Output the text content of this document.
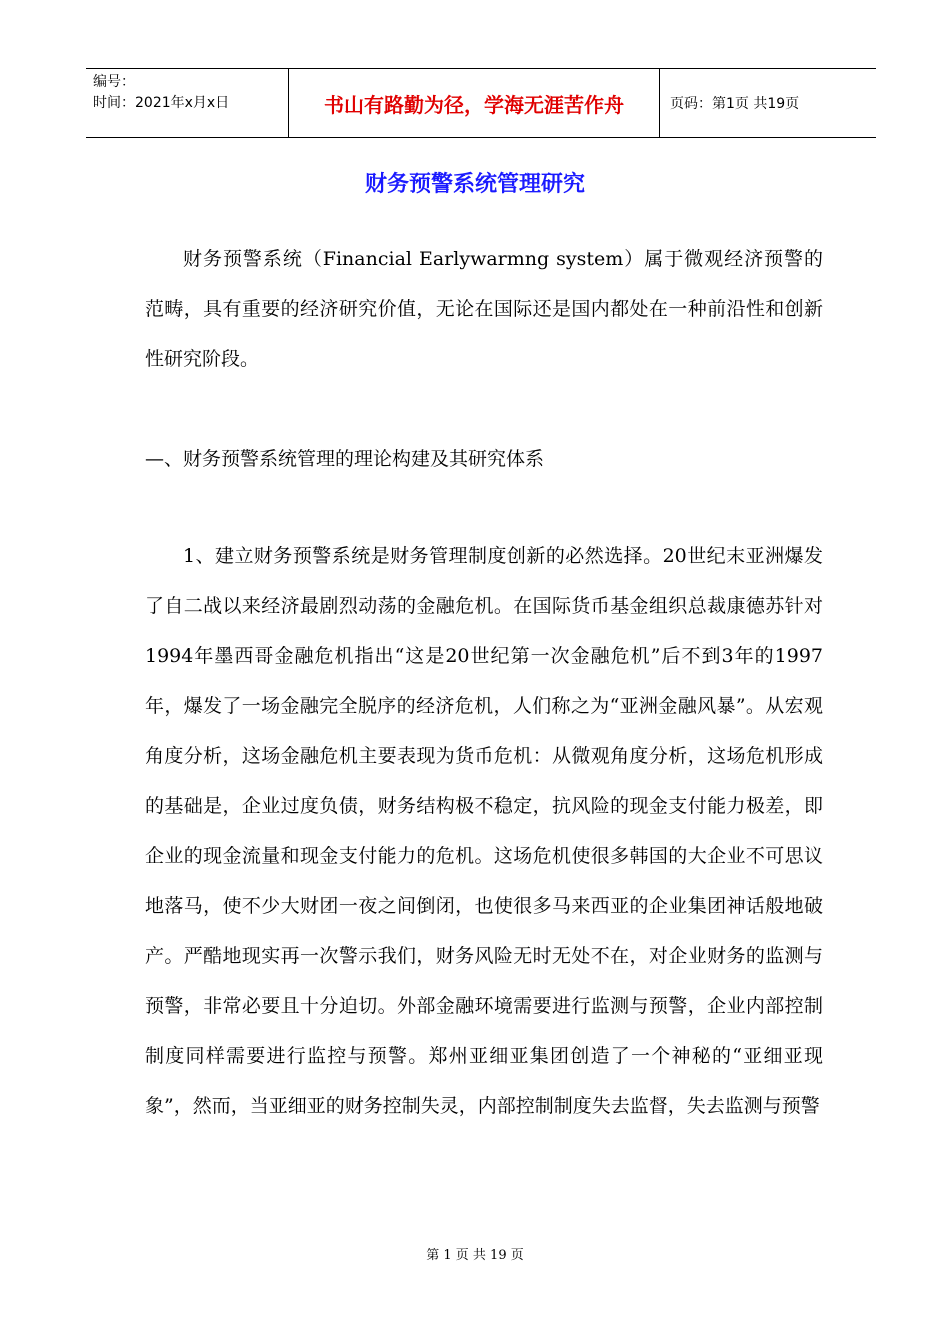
编号：
时间：2021年x月x日	书山有路勤为径，学海无涯苦作舟	页码：第1页 共19页
财务预警系统管理研究

财务预警系统（Financial Earlywarmng system）属于微观经济预警的范畴，具有重要的经济研究价值，无论在国际还是国内都处在一种前沿性和创新性研究阶段。

—、财务预警系统管理的理论构建及其研究体系

1、建立财务预警系统是财务管理制度创新的必然选择。20世纪末亚洲爆发了自二战以来经济最剧烈动荡的金融危机。在国际货币基金组织总裁康德苏针对1994年墨西哥金融危机指出“这是20世纪第一次金融危机”后不到3年的1997年，爆发了一场金融完全脱序的经济危机，人们称之为“亚洲金融风暴”。从宏观角度分析，这场金融危机主要表现为货币危机：从微观角度分析，这场危机形成的基础是，企业过度负债，财务结构极不稳定，抗风险的现金支付能力极差，即企业的现金流量和现金支付能力的危机。这场危机使很多韩国的大企业不可思议地落马，使不少大财团一夜之间倒闭，也使很多马来西亚的企业集团神话般地破产。严酷地现实再一次警示我们，财务风险无时无处不在，对企业财务的监测与预警，非常必要且十分迫切。外部金融环境需要进行监测与预警，企业内部控制制度同样需要进行监控与预警。郑州亚细亚集团创造了一个神秘的“亚细亚现象”，然而，当亚细亚的财务控制失灵，内部控制制度失去监督，失去监测与预警

第 1 页 共 19 页
